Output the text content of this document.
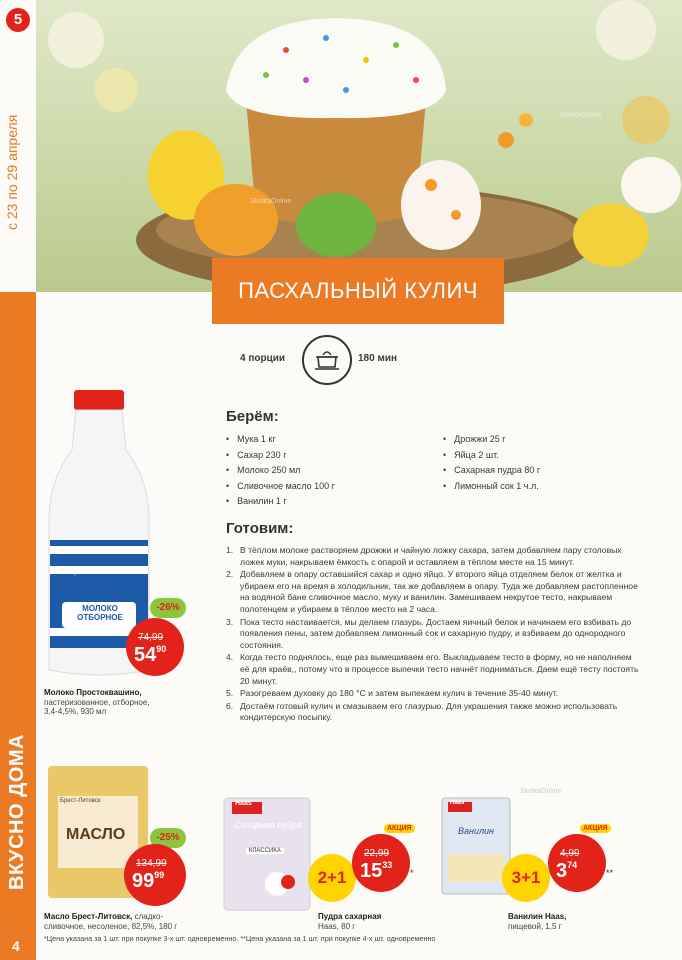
5
с 23 по 29 апреля
ПАСХАЛЬНЫЙ КУЛИЧ
ВКУСНО ДОМА
4
4 порции	180 мин
Берём:
• Мука 1 кг
• Сахар 230 г
• Молоко 250 мл
• Сливочное масло 100 г
• Ванилин 1 г
• Дрожжи 25 г
• Яйца 2 шт.
• Сахарная пудра 80 г
• Лимонный сок 1 ч.л.
Готовим:
1. В тёплом молоке растворяем дрожжи и чайную ложку сахара, затем добавляем пару столовых ложек муки, накрываем ёмкость с опарой и оставляем в тёплом месте на 15 минут.
2. Добавляем в опару оставшийся сахар и одно яйцо. У второго яйца отделяем белок от желтка и убираем его на время в холодильник, так же добавляем в опару. Туда же добавляем растопленное на водяной бане сливочное масло, муку и ванилин. Замешиваем некрутое тесто, накрываем полотенцем и убираем в тёплое место на 2 часа.
3. Пока тесто настаивается, мы делаем глазурь. Достаем яичный белок и начинаем его взбивать до появления пены, затем добавляем лимонный сок и сахарную пудру, и взбиваем до однородного состояния.
4. Когда тесто поднялось, еще раз вымешиваем его. Выкладываем тесто в форму, но не наполняем её для краёв,, потому что в процессе выпечки тесто начнёт подниматься. Даем ещё тесту постоять 20 минут.
5. Разогреваем духовку до 180 °С и затем выпекаем кулич в течение 35-40 минут.
6. Достаём готовый кулич и смазываем его глазурью. Для украшения также можно использовать кондитерскую посыпку.
Простоквашино
МОЛОКО ОТБОРНОЕ
-26%
74,99
$54^{90}$
Молоко Простоквашино,
пастеризованное, отборное, 3,4-4,5%, 930 мл
Брест-Литовск
МАСЛО	-25%
134,99
$99^{99}$
Масло Брест-Литовск, сладко-сливочное, несоленое, 82,5%, 180 г
Haas
Сахарная пудра
КЛАССИКА
2+1
АКЦИЯ
22,99
$15^{33}$
*
Пудра сахарная
Haas, 80 г
Haas
Ванилин
3+1
АКЦИЯ
4,99
$3^{74}$
**
Ванилин Haas,
пищевой, 1,5 г
SkidkaOnline
SkidkaOnline
SkidkaOnline
*Цена указана за 1 шт. при покупке 3-х шт. одновременно. **Цена указана за 1 шт. при покупке 4-х шт. одновременно
